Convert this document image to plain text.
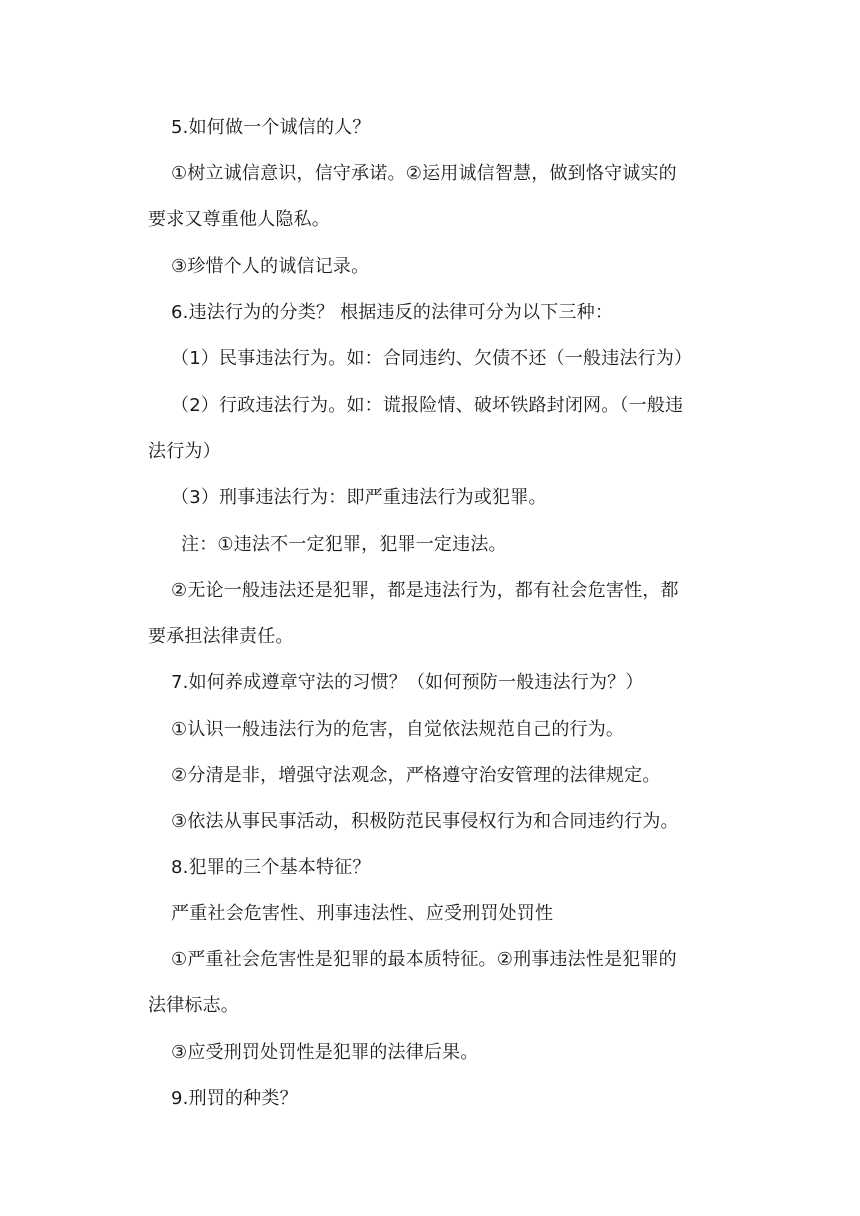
5.如何做一个诚信的人？
①树立诚信意识，信守承诺。②运用诚信智慧，做到恪守诚实的
要求又尊重他人隐私。
③珍惜个人的诚信记录。
6.违法行为的分类？ 根据违反的法律可分为以下三种：
（1）民事违法行为。如：合同违约、欠债不还（一般违法行为）
（2）行政违法行为。如：谎报险情、破坏铁路封闭网。（一般违
法行为）
（3）刑事违法行为：即严重违法行为或犯罪。
注：①违法不一定犯罪，犯罪一定违法。
②无论一般违法还是犯罪，都是违法行为，都有社会危害性，都
要承担法律责任。
7.如何养成遵章守法的习惯？（如何预防一般违法行为？）
①认识一般违法行为的危害，自觉依法规范自己的行为。
②分清是非，增强守法观念，严格遵守治安管理的法律规定。
③依法从事民事活动，积极防范民事侵权行为和合同违约行为。
8.犯罪的三个基本特征？
严重社会危害性、刑事违法性、应受刑罚处罚性
①严重社会危害性是犯罪的最本质特征。②刑事违法性是犯罪的
法律标志。
③应受刑罚处罚性是犯罪的法律后果。
9.刑罚的种类？
